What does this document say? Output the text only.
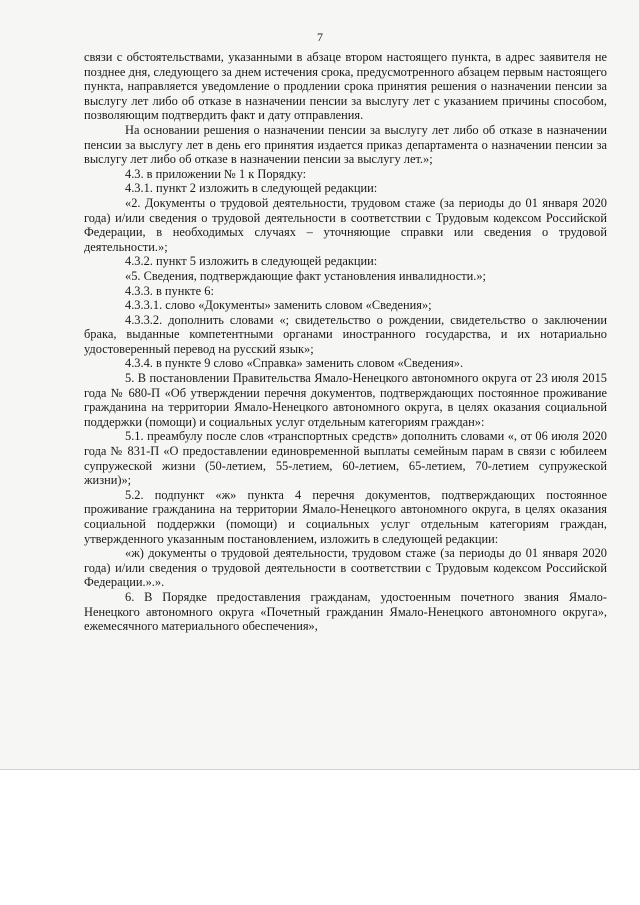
7

связи с обстоятельствами, указанными в абзаце втором настоящего пункта, в адрес заявителя не позднее дня, следующего за днем истечения срока, предусмотренного абзацем первым настоящего пункта, направляется уведомление о продлении срока принятия решения о назначении пенсии за выслугу лет либо об отказе в назначении пенсии за выслугу лет с указанием причины способом, позволяющим подтвердить факт и дату отправления.

На основании решения о назначении пенсии за выслугу лет либо об отказе в назначении пенсии за выслугу лет в день его принятия издается приказ департамента о назначении пенсии за выслугу лет либо об отказе в назначении пенсии за выслугу лет.»;

4.3. в приложении № 1 к Порядку:

4.3.1. пункт 2 изложить в следующей редакции:

«2. Документы о трудовой деятельности, трудовом стаже (за периоды до 01 января 2020 года) и/или сведения о трудовой деятельности в соответствии с Трудовым кодексом Российской Федерации, в необходимых случаях – уточняющие справки или сведения о трудовой деятельности.»;

4.3.2. пункт 5 изложить в следующей редакции:

«5. Сведения, подтверждающие факт установления инвалидности.»;

4.3.3. в пункте 6:

4.3.3.1. слово «Документы» заменить словом «Сведения»;

4.3.3.2. дополнить словами «; свидетельство о рождении, свидетельство о заключении брака, выданные компетентными органами иностранного государства, и их нотариально удостоверенный перевод на русский язык»;

4.3.4. в пункте 9 слово «Справка» заменить словом «Сведения».

5. В постановлении Правительства Ямало-Ненецкого автономного округа от 23 июля 2015 года № 680-П «Об утверждении перечня документов, подтверждающих постоянное проживание гражданина на территории Ямало-Ненецкого автономного округа, в целях оказания социальной поддержки (помощи) и социальных услуг отдельным категориям граждан»:

5.1. преамбулу после слов «транспортных средств» дополнить словами «, от 06 июля 2020 года № 831-П «О предоставлении единовременной выплаты семейным парам в связи с юбилеем супружеской жизни (50-летием, 55-летием, 60-летием, 65-летием, 70-летием супружеской жизни)»;

5.2. подпункт «ж» пункта 4 перечня документов, подтверждающих постоянное проживание гражданина на территории Ямало-Ненецкого автономного округа, в целях оказания социальной поддержки (помощи) и социальных услуг отдельным категориям граждан, утвержденного указанным постановлением, изложить в следующей редакции:

«ж) документы о трудовой деятельности, трудовом стаже (за периоды до 01 января 2020 года) и/или сведения о трудовой деятельности в соответствии с Трудовым кодексом Российской Федерации.».».

6. В Порядке предоставления гражданам, удостоенным почетного звания Ямало-Ненецкого автономного округа «Почетный гражданин Ямало-Ненецкого автономного округа», ежемесячного материального обеспечения»,
